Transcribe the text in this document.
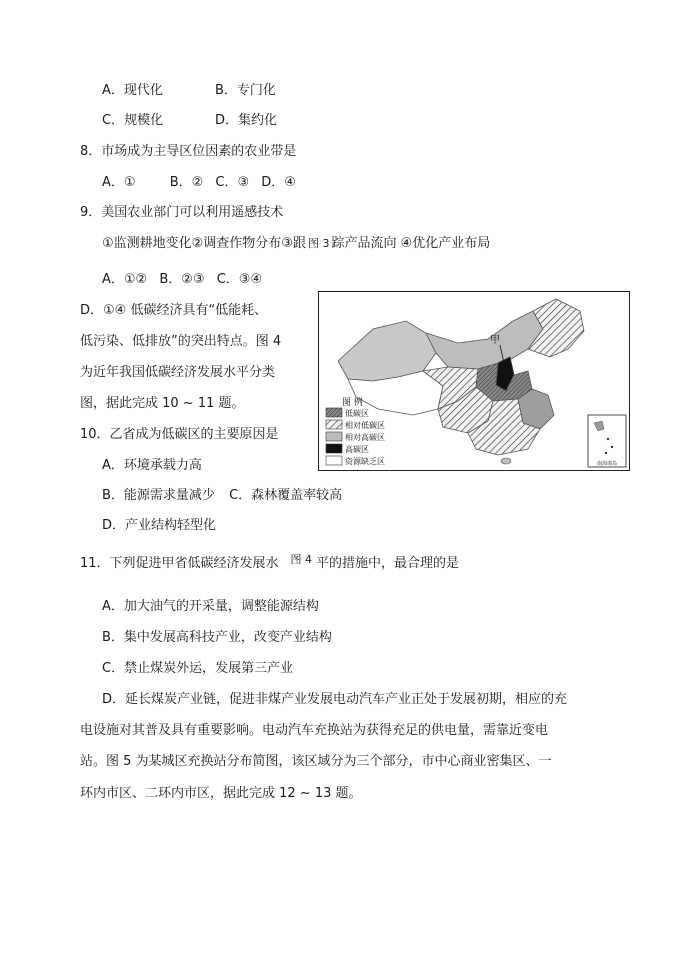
A．现代化	B．专门化
C．规模化	D．集约化
8．市场成为主导区位因素的农业带是
A．①	B．② C．③ D．④
9．美国农业部门可以利用遥感技术
①监测耕地变化②调查作物分布③跟 图 3 踪产品流向 ④优化产业布局
A．①② B．②③ C．③④
D．①④ 低碳经济具有“低能耗、
低污染、低排放”的突出特点。图 4
为近年我国低碳经济发展水平分类
图，据此完成 10 ~ 11 题。
10．乙省成为低碳区的主要原因是
A．环境承载力高
B．能源需求量减少 C．森林覆盖率较高
D．产业结构轻型化
11．下列促进甲省低碳经济发展水 $^{图 4}$ 平的措施中，最合理的是
A．加大油气的开采量，调整能源结构
B．集中发展高科技产业，改变产业结构
C．禁止煤炭外运，发展第三产业
D．延长煤炭产业链，促进非煤产业发展电动汽车产业正处于发展初期，相应的充
电设施对其普及具有重要影响。电动汽车充换站为获得充足的供电量，需靠近变电
站。图 5 为某城区充换站分布简图，该区域分为三个部分，市中心商业密集区、一
环内市区、二环内市区，据此完成 12 ~ 13 题。
甲
图 例
低碳区
相对低碳区
相对高碳区
高碳区
资源缺乏区	南海诸岛
